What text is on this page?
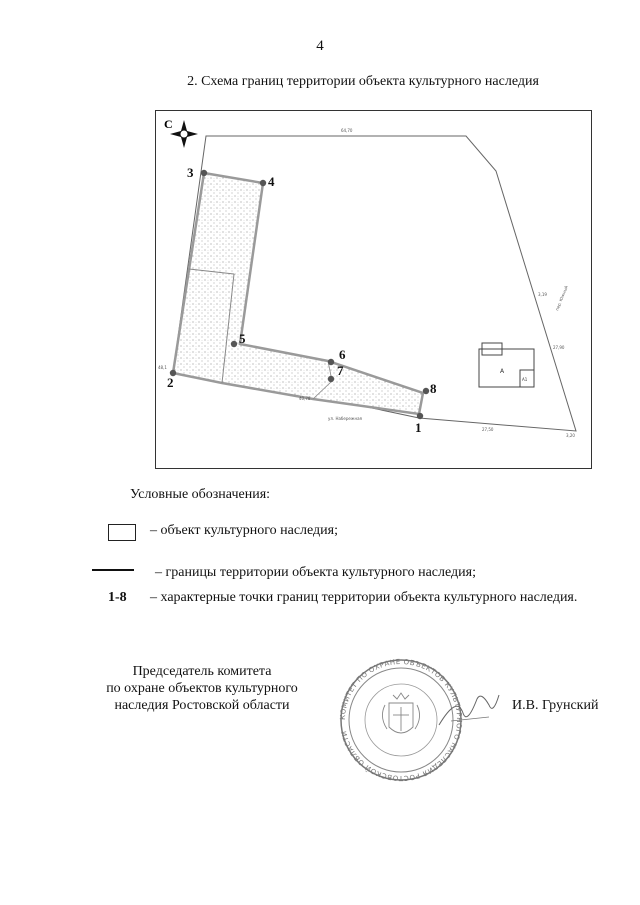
4
2. Схема границ территории объекта культурного наследия
С
А
А1
64,70
3,19 пер. Южный
27,90
27,50
40,78
ул. Набережная
48,1
3,20
1
2
3
4
5
6
7
8
Условные обозначения:
– объект культурного наследия;
– границы территории объекта культурного наследия;
1-8 – характерные точки границ территории объекта культурного наследия.
Председатель комитета
по охране объектов культурного
наследия Ростовской области
КОМИТЕТ ПО ОХРАНЕ ОБЪЕКТОВ КУЛЬТУРНОГО НАСЛЕДИЯ РОСТОВСКОЙ ОБЛАСТИ
И.В. Грунский
